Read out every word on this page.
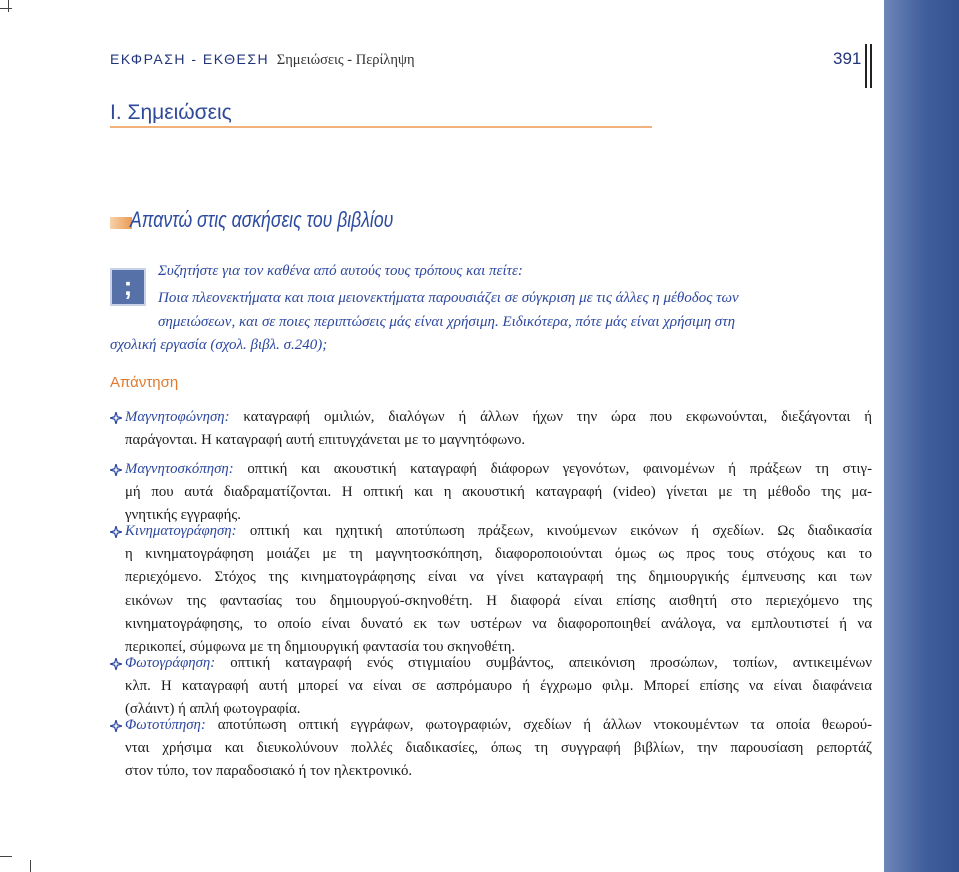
ΕΚΦΡΑΣΗ - ΕΚΘΕΣΗ Σημειώσεις - Περίληψη	391
Ι. Σημειώσεις
Απαντώ στις ασκήσεις του βιβλίου
;	Συζητήστε για τον καθένα από αυτούς τους τρόπους και πείτε:
Ποια πλεονεκτήματα και ποια μειονεκτήματα παρουσιάζει σε σύγκριση με τις άλλες η μέθοδος των
σημειώσεων, και σε ποιες περιπτώσεις μάς είναι χρήσιμη. Ειδικότερα, πότε μάς είναι χρήσιμη στη
σχολική εργασία (σχολ. βιβλ. σ.240);
Απάντηση
Μαγνητοφώνηση: καταγραφή ομιλιών, διαλόγων ή άλλων ήχων την ώρα που εκφωνούνται, διεξάγονται ή
παράγονται. Η καταγραφή αυτή επιτυγχάνεται με το μαγνητόφωνο.
Μαγνητοσκόπηση: οπτική και ακουστική καταγραφή διάφορων γεγονότων, φαινομένων ή πράξεων τη στιγ-
μή που αυτά διαδραματίζονται. Η οπτική και η ακουστική καταγραφή (video) γίνεται με τη μέθοδο της μα-
γνητικής εγγραφής.
Κινηματογράφηση: οπτική και ηχητική αποτύπωση πράξεων, κινούμενων εικόνων ή σχεδίων. Ως διαδικασία
η κινηματογράφηση μοιάζει με τη μαγνητοσκόπηση, διαφοροποιούνται όμως ως προς τους στόχους και το
περιεχόμενο. Στόχος της κινηματογράφησης είναι να γίνει καταγραφή της δημιουργικής έμπνευσης και των
εικόνων της φαντασίας του δημιουργού-σκηνοθέτη. Η διαφορά είναι επίσης αισθητή στο περιεχόμενο της
κινηματογράφησης, το οποίο είναι δυνατό εκ των υστέρων να διαφοροποιηθεί ανάλογα, να εμπλουτιστεί ή να
περικοπεί, σύμφωνα με τη δημιουργική φαντασία του σκηνοθέτη.
Φωτογράφηση: οπτική καταγραφή ενός στιγμιαίου συμβάντος, απεικόνιση προσώπων, τοπίων, αντικειμένων
κλπ. Η καταγραφή αυτή μπορεί να είναι σε ασπρόμαυρο ή έγχρωμο φιλμ. Μπορεί επίσης να είναι διαφάνεια
(σλάιντ) ή απλή φωτογραφία.
Φωτοτύπηση: αποτύπωση οπτική εγγράφων, φωτογραφιών, σχεδίων ή άλλων ντοκουμέντων τα οποία θεωρού-
νται χρήσιμα και διευκολύνουν πολλές διαδικασίες, όπως τη συγγραφή βιβλίων, την παρουσίαση ρεπορτάζ
στον τύπο, τον παραδοσιακό ή τον ηλεκτρονικό.
